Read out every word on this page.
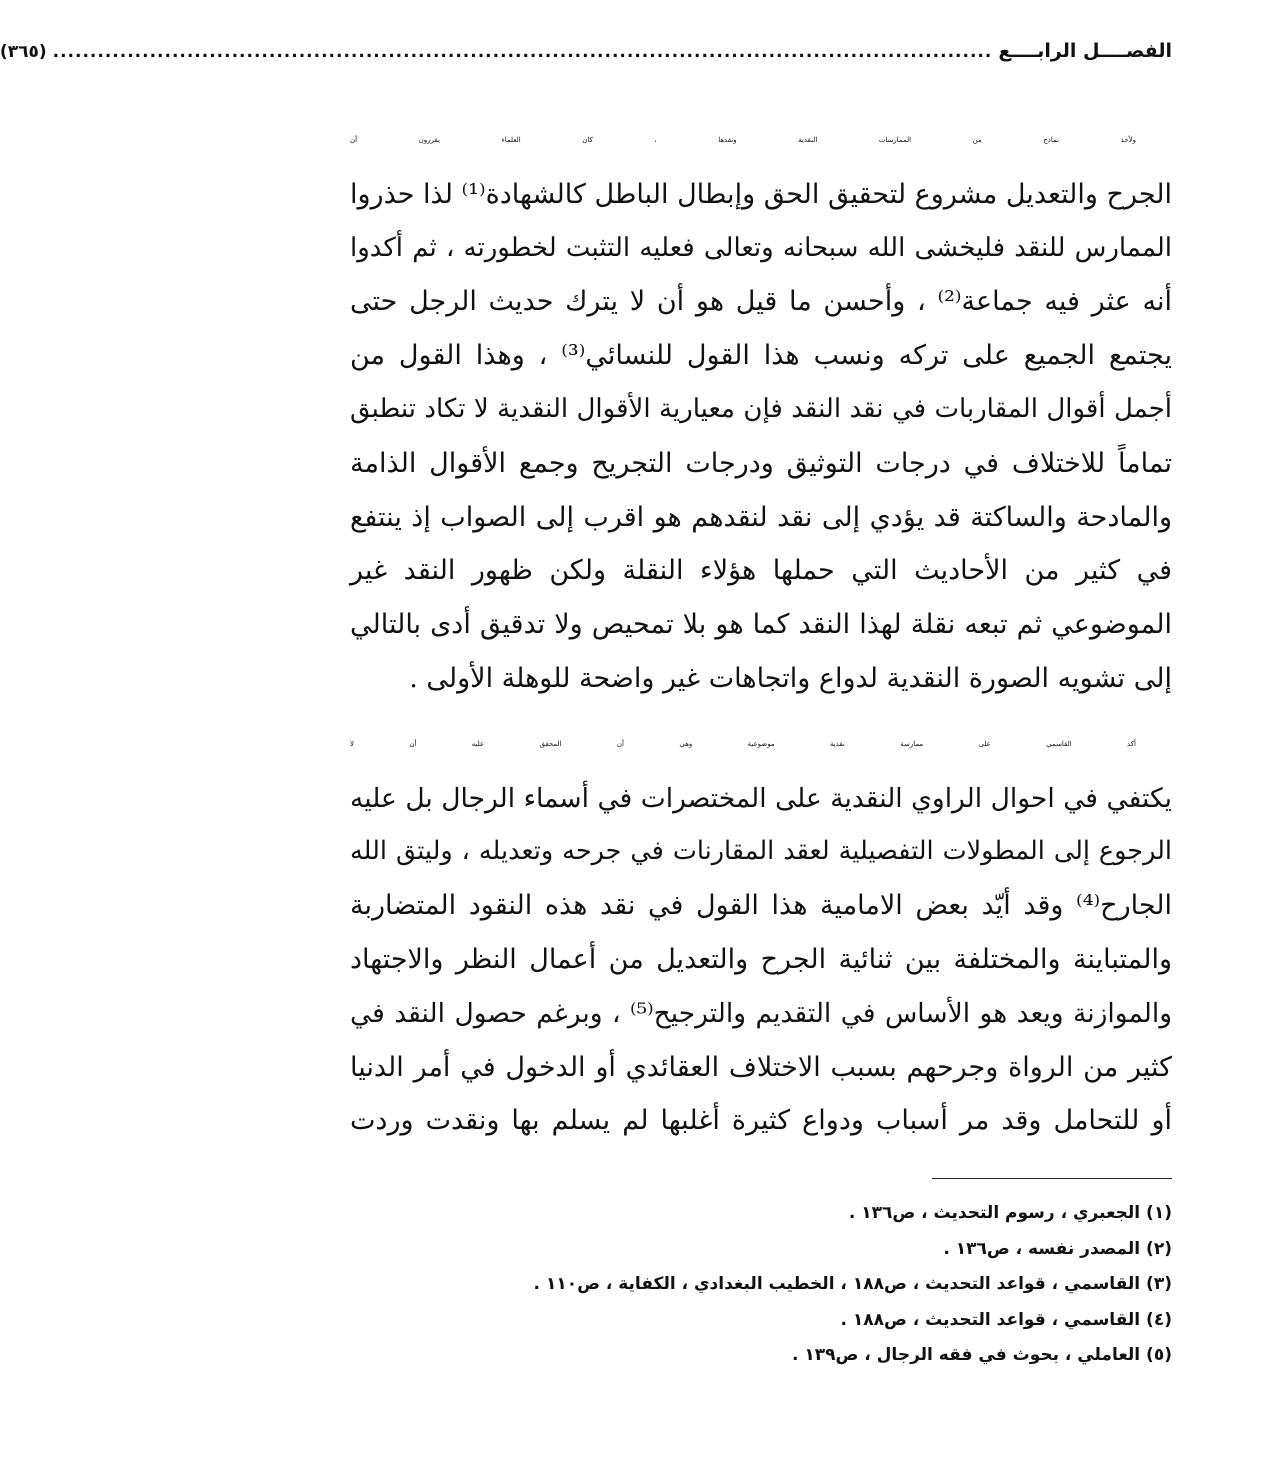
الفصــــل الرابــــع
..............................................................................................................................
(٣٦٥)
ولأخذ نماذج من الممارسات النقدية ونقدها ، كان العلماء يقررون أن
الجرح والتعديل مشروع لتحقيق الحق وإبطال الباطل كالشهادة⁽¹⁾ لذا حذروا
الممارس للنقد فليخشى الله سبحانه وتعالى فعليه التثبت لخطورته ، ثم أكدوا
أنه عثر فيه جماعة⁽²⁾ ، وأحسن ما قيل هو أن لا يترك حديث الرجل حتى
يجتمع الجميع على تركه ونسب هذا القول للنسائي⁽³⁾ ، وهذا القول من
أجمل أقوال المقاربات في نقد النقد فإن معيارية الأقوال النقدية لا تكاد تنطبق
تماماً للاختلاف في درجات التوثيق ودرجات التجريح وجمع الأقوال الذامة
والمادحة والساكتة قد يؤدي إلى نقد لنقدهم هو اقرب إلى الصواب إذ ينتفع
في كثير من الأحاديث التي حملها هؤلاء النقلة ولكن ظهور النقد غير
الموضوعي ثم تبعه نقلة لهذا النقد كما هو بلا تمحيص ولا تدقيق أدى بالتالي
إلى تشويه الصورة النقدية لدواع واتجاهات غير واضحة للوهلة الأولى .
أكد القاسمي على ممارسة نقدية موضوعية وهي أن المحقق عليه أن لا
يكتفي في احوال الراوي النقدية على المختصرات في أسماء الرجال بل عليه
الرجوع إلى المطولات التفصيلية لعقد المقارنات في جرحه وتعديله ، وليتق الله
الجارح⁽⁴⁾ وقد أيّد بعض الامامية هذا القول في نقد هذه النقود المتضاربة
والمتباينة والمختلفة بين ثنائية الجرح والتعديل من أعمال النظر والاجتهاد
والموازنة ويعد هو الأساس في التقديم والترجيح⁽⁵⁾ ، وبرغم حصول النقد في
كثير من الرواة وجرحهم بسبب الاختلاف العقائدي أو الدخول في أمر الدنيا
أو للتحامل وقد مر أسباب ودواع كثيرة أغلبها لم يسلم بها ونقدت وردت
(١) الجعبري ، رسوم التحديث ، ص١٣٦ .
(٢) المصدر نفسه ، ص١٣٦ .
(٣) القاسمي ، قواعد التحديث ، ص١٨٨ ، الخطيب البغدادي ، الكفاية ، ص١١٠ .
(٤) القاسمي ، قواعد التحديث ، ص١٨٨ .
(٥) العاملي ، بحوث في فقه الرجال ، ص١٣٩ .
